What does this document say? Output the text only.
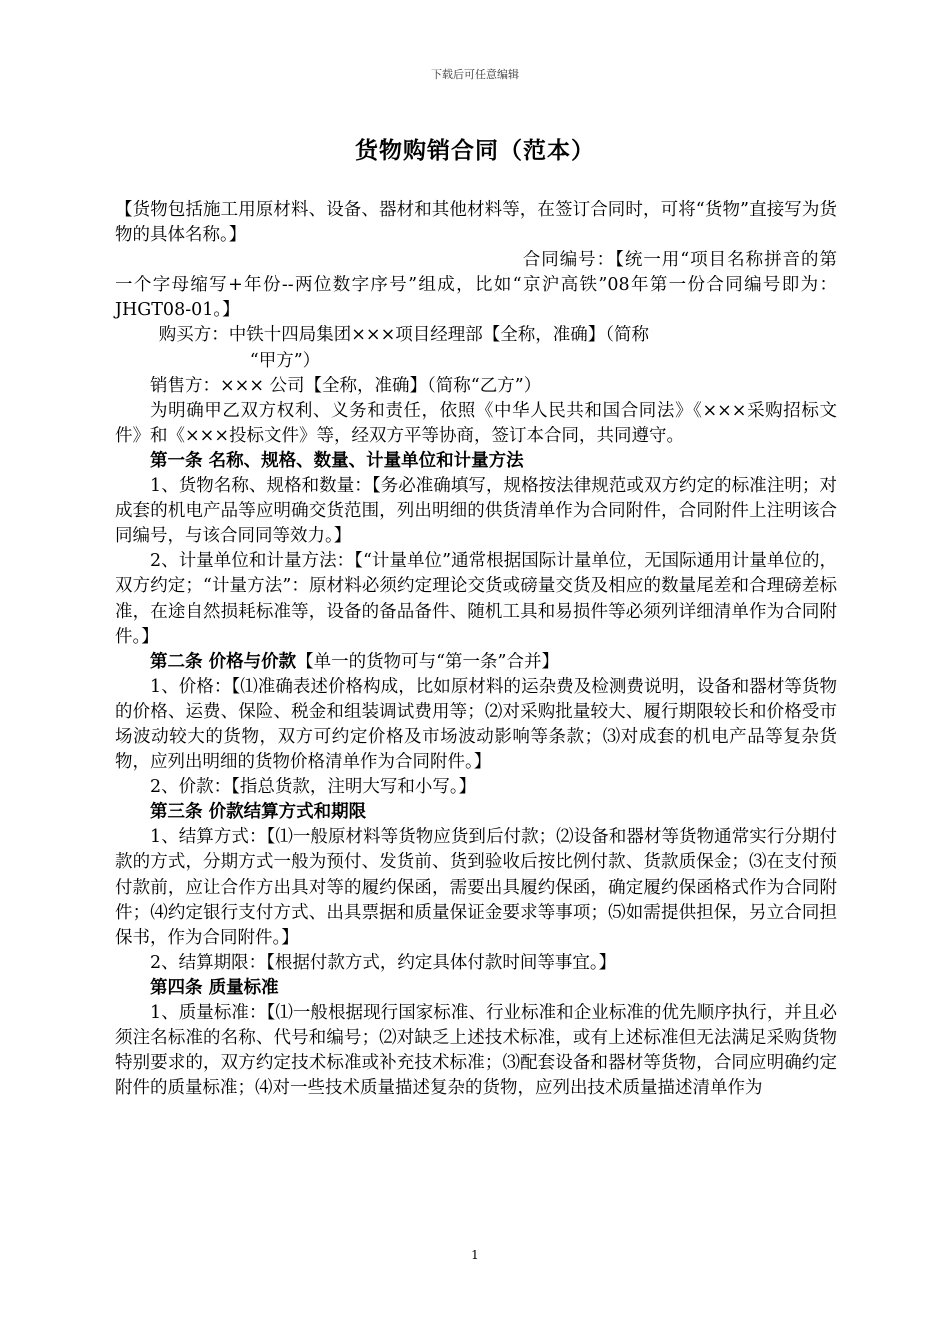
下载后可任意编辑
货物购销合同（范本）

【货物包括施工用原材料、设备、器材和其他材料等，在签订合同时，可将“货物”直接写为货物的具体名称。】

合同编号：【统一用“项目名称拼音的第一个字母缩写+年份--两位数字序号”组成，比如“京沪高铁”08年第一份合同编号即为：JHGT08-01。】

购买方：中铁十四局集团×××项目经理部【全称，准确】（简称

“甲方”）

销售方：××× 公司【全称，准确】（简称“乙方”）

为明确甲乙双方权利、义务和责任，依照《中华人民共和国合同法》《×××采购招标文件》和《×××投标文件》等，经双方平等协商，签订本合同，共同遵守。

第一条 名称、规格、数量、计量单位和计量方法

1、货物名称、规格和数量：【务必准确填写，规格按法律规范或双方约定的标准注明；对成套的机电产品等应明确交货范围，列出明细的供货清单作为合同附件，合同附件上注明该合同编号，与该合同同等效力。】

2、计量单位和计量方法：【“计量单位”通常根据国际计量单位，无国际通用计量单位的，双方约定；“计量方法”：原材料必须约定理论交货或磅量交货及相应的数量尾差和合理磅差标准，在途自然损耗标准等，设备的备品备件、随机工具和易损件等必须列详细清单作为合同附件。】

第二条 价格与价款【单一的货物可与“第一条”合并】

1、价格：【⑴准确表述价格构成，比如原材料的运杂费及检测费说明，设备和器材等货物的价格、运费、保险、税金和组装调试费用等；⑵对采购批量较大、履行期限较长和价格受市场波动较大的货物，双方可约定价格及市场波动影响等条款；⑶对成套的机电产品等复杂货物，应列出明细的货物价格清单作为合同附件。】

2、价款：【指总货款，注明大写和小写。】

第三条 价款结算方式和期限

1、结算方式：【⑴一般原材料等货物应货到后付款；⑵设备和器材等货物通常实行分期付款的方式，分期方式一般为预付、发货前、货到验收后按比例付款、货款质保金；⑶在支付预付款前，应让合作方出具对等的履约保函，需要出具履约保函，确定履约保函格式作为合同附件；⑷约定银行支付方式、出具票据和质量保证金要求等事项；⑸如需提供担保，另立合同担保书，作为合同附件。】

2、结算期限：【根据付款方式，约定具体付款时间等事宜。】

第四条 质量标准

1、质量标准：【⑴一般根据现行国家标准、行业标准和企业标准的优先顺序执行，并且必须注名标准的名称、代号和编号；⑵对缺乏上述技术标准，或有上述标准但无法满足采购货物特别要求的，双方约定技术标准或补充技术标准；⑶配套设备和器材等货物，合同应明确约定附件的质量标准；⑷对一些技术质量描述复杂的货物，应列出技术质量描述清单作为

1
